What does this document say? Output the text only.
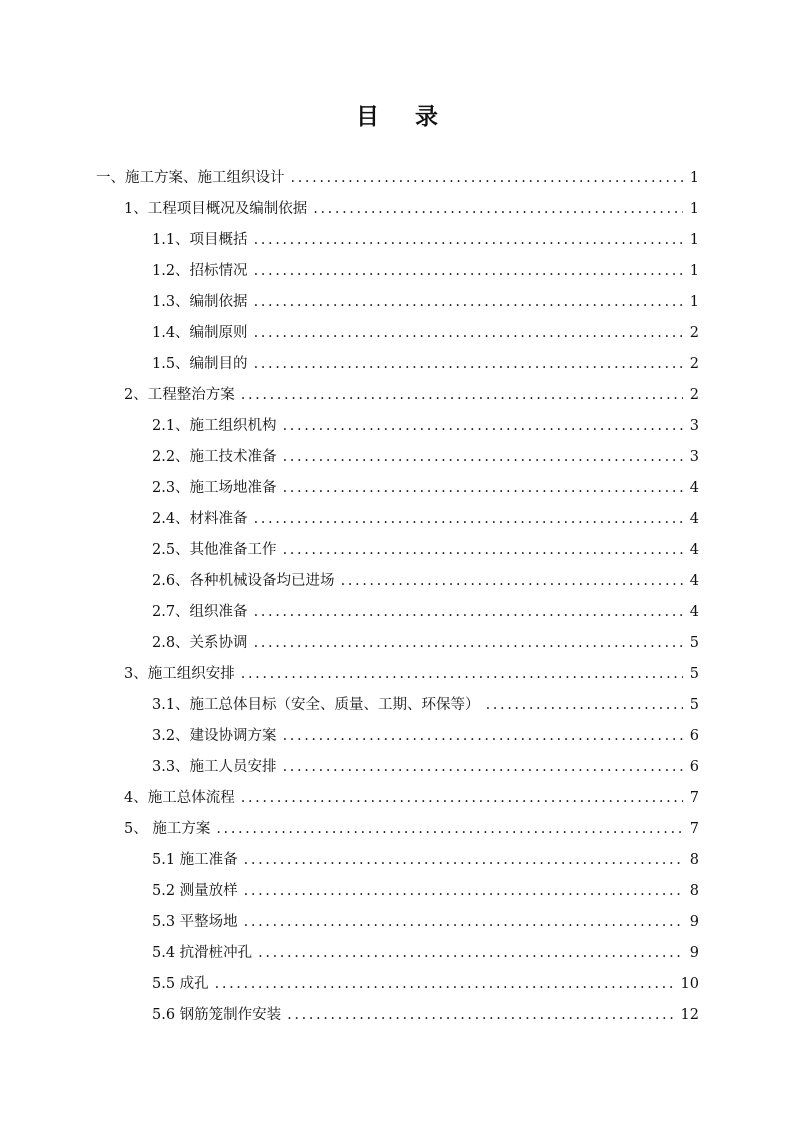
目 录
一、施工方案、施工组织设计 .....	1
1、工程项目概况及编制依据 .....	1
1.1、项目概括 .....	1
1.2、招标情况 .....	1
1.3、编制依据 .....	1
1.4、编制原则 .....	2
1.5、编制目的 .....	2
2、工程整治方案 .....	2
2.1、施工组织机构 .....	3
2.2、施工技术准备 .....	3
2.3、施工场地准备 .....	4
2.4、材料准备 .....	4
2.5、其他准备工作 .....	4
2.6、各种机械设备均已进场 .....	4
2.7、组织准备 .....	4
2.8、关系协调 .....	5
3、施工组织安排 .....	5
3.1、施工总体目标（安全、质量、工期、环保等） .....	5
3.2、建设协调方案 .....	6
3.3、施工人员安排 .....	6
4、施工总体流程 .....	7
5、 施工方案 .....	7
5.1 施工准备 .....	8
5.2 测量放样 .....	8
5.3 平整场地 .....	9
5.4 抗滑桩冲孔 .....	9
5.5 成孔 .....	10
5.6 钢筋笼制作安装 .....	12
